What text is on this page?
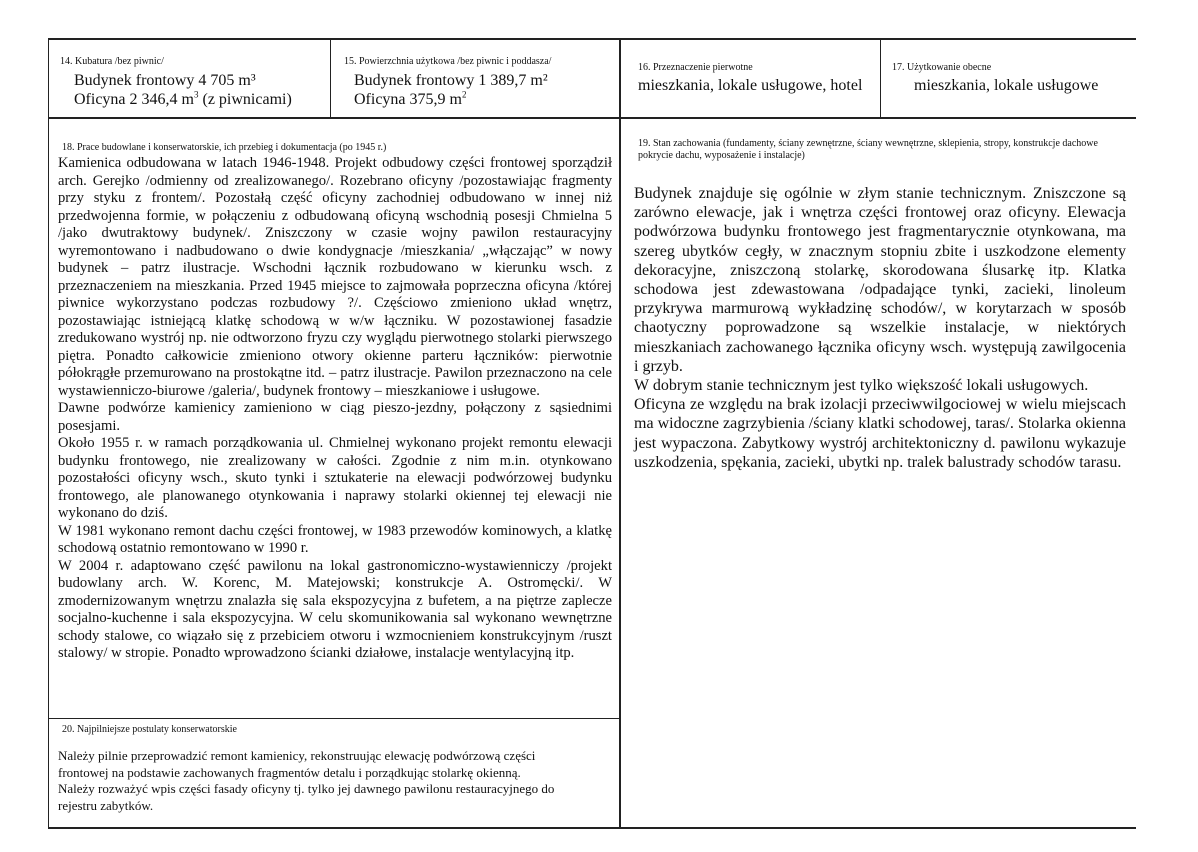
14. Kubatura /bez piwnic/
Budynek frontowy 4 705 m³
Oficyna 2 346,4 $m^3$ (z piwnicami)
15. Powierzchnia użytkowa /bez piwnic i poddasza/
Budynek frontowy 1 389,7 m²
Oficyna 375,9 $m^2$
16. Przeznaczenie pierwotne
mieszkania, lokale usługowe, hotel
17. Użytkowanie obecne
mieszkania, lokale usługowe
18. Prace budowlane i konserwatorskie, ich przebieg i dokumentacja (po 1945 r.)

Kamienica odbudowana w latach 1946-1948. Projekt odbudowy części frontowej sporządził arch. Gerejko /odmienny od zrealizowanego/. Rozebrano oficyny /pozostawiając fragmenty przy styku z frontem/. Pozostałą część oficyny zachodniej odbudowano w innej niż przedwojenna formie, w połączeniu z odbudowaną oficyną wschodnią posesji Chmielna 5 /jako dwutraktowy budynek/. Zniszczony w czasie wojny pawilon restauracyjny wyremontowano i nadbudowano o dwie kondygnacje /mieszkania/ „włączając” w nowy budynek – patrz ilustracje. Wschodni łącznik rozbudowano w kierunku wsch. z przeznaczeniem na mieszkania. Przed 1945 miejsce to zajmowała poprzeczna oficyna /której piwnice wykorzystano podczas rozbudowy ?/. Częściowo zmieniono układ wnętrz, pozostawiając istniejącą klatkę schodową w w/w łączniku. W pozostawionej fasadzie zredukowano wystrój np. nie odtworzono fryzu czy wyglądu pierwotnego stolarki pierwszego piętra. Ponadto całkowicie zmieniono otwory okienne parteru łączników: pierwotnie półokrągłe przemurowano na prostokątne itd. – patrz ilustracje. Pawilon przeznaczono na cele wystawienniczo-biurowe /galeria/, budynek frontowy – mieszkaniowe i usługowe.

Dawne podwórze kamienicy zamieniono w ciąg pieszo-jezdny, połączony z sąsiednimi posesjami.

Około 1955 r. w ramach porządkowania ul. Chmielnej wykonano projekt remontu elewacji budynku frontowego, nie zrealizowany w całości. Zgodnie z nim m.in. otynkowano pozostałości oficyny wsch., skuto tynki i sztukaterie na elewacji podwórzowej budynku frontowego, ale planowanego otynkowania i naprawy stolarki okiennej tej elewacji nie wykonano do dziś.

W 1981 wykonano remont dachu części frontowej, w 1983 przewodów kominowych, a klatkę schodową ostatnio remontowano w 1990 r.

W 2004 r. adaptowano część pawilonu na lokal gastronomiczno-wystawienniczy /projekt budowlany arch. W. Korenc, M. Matejowski; konstrukcje A. Ostromęcki/. W zmodernizowanym wnętrzu znalazła się sala ekspozycyjna z bufetem, a na piętrze zaplecze socjalno-kuchenne i sala ekspozycyjna. W celu skomunikowania sal wykonano wewnętrzne schody stalowe, co wiązało się z przebiciem otworu i wzmocnieniem konstrukcyjnym /ruszt stalowy/ w stropie. Ponadto wprowadzono ścianki działowe, instalacje wentylacyjną itp.

19. Stan zachowania (fundamenty, ściany zewnętrzne, ściany wewnętrzne, sklepienia, stropy, konstrukcje dachowe pokrycie dachu, wyposażenie i instalacje)

Budynek znajduje się ogólnie w złym stanie technicznym. Zniszczone są zarówno elewacje, jak i wnętrza części frontowej oraz oficyny. Elewacja podwórzowa budynku frontowego jest fragmentarycznie otynkowana, ma szereg ubytków cegły, w znacznym stopniu zbite i uszkodzone elementy dekoracyjne, zniszczoną stolarkę, skorodowana ślusarkę itp. Klatka schodowa jest zdewastowana /odpadające tynki, zacieki, linoleum przykrywa marmurową wykładzinę schodów/, w korytarzach w sposób chaotyczny poprowadzone są wszelkie instalacje, w niektórych mieszkaniach zachowanego łącznika oficyny wsch. występują zawilgocenia i grzyb.

W dobrym stanie technicznym jest tylko większość lokali usługowych.

Oficyna ze względu na brak izolacji przeciwwilgociowej w wielu miejscach ma widoczne zagrzybienia /ściany klatki schodowej, taras/. Stolarka okienna jest wypaczona. Zabytkowy wystrój architektoniczny d. pawilonu wykazuje uszkodzenia, spękania, zacieki, ubytki np. tralek balustrady schodów tarasu.

20. Najpilniejsze postulaty konserwatorskie

Należy pilnie przeprowadzić remont kamienicy, rekonstruując elewację podwórzową części frontowej na podstawie zachowanych fragmentów detalu i porządkując stolarkę okienną.

Należy rozważyć wpis części fasady oficyny tj. tylko jej dawnego pawilonu restauracyjnego do rejestru zabytków.
